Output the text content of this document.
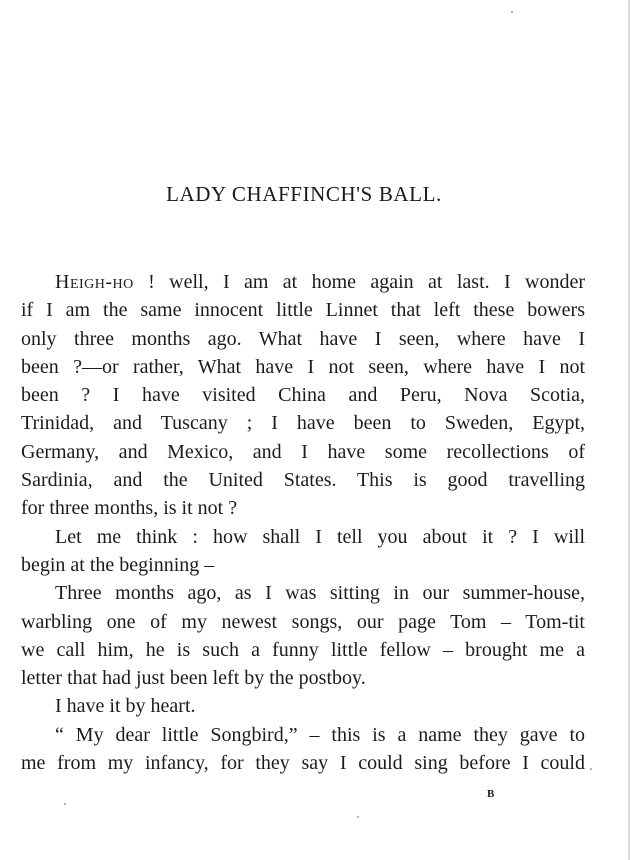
LADY CHAFFINCH'S BALL.
Heigh-ho ! well, I am at home again at last. I wonder
if I am the same innocent little Linnet that left these bowers
only three months ago. What have I seen, where have I
been ?—or rather, What have I not seen, where have I not
been ? I have visited China and Peru, Nova Scotia,
Trinidad, and Tuscany ; I have been to Sweden, Egypt,
Germany, and Mexico, and I have some recollections of
Sardinia, and the United States. This is good travelling
for three months, is it not ?
Let me think : how shall I tell you about it ? I will
begin at the beginning –
Three months ago, as I was sitting in our summer-house,
warbling one of my newest songs, our page Tom – Tom-tit
we call him, he is such a funny little fellow – brought me a
letter that had just been left by the postboy.
I have it by heart.
“ My dear little Songbird,” – this is a name they gave to
me from my infancy, for they say I could sing before I could
B
